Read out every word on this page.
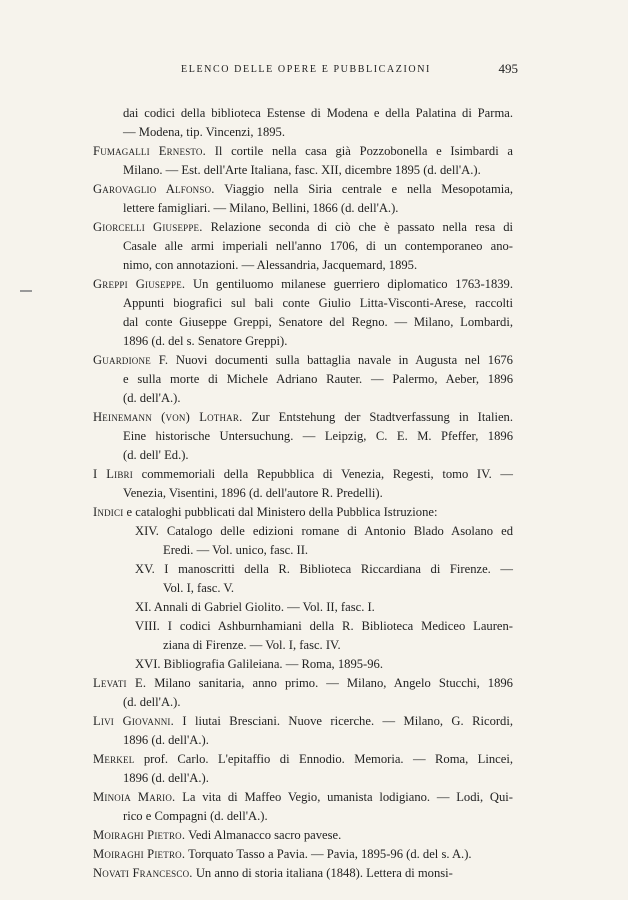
ELENCO DELLE OPERE E PUBBLICAZIONI	495
dai codici della biblioteca Estense di Modena e della Palatina di Parma.
— Modena, tip. Vincenzi, 1895.
Fumagalli Ernesto. Il cortile nella casa già Pozzobonella e Isimbardi a
Milano. — Est. dell'Arte Italiana, fasc. XII, dicembre 1895 (d. dell'A.).
Garovaglio Alfonso. Viaggio nella Siria centrale e nella Mesopotamia,
lettere famigliari. — Milano, Bellini, 1866 (d. dell'A.).
Giorcelli Giuseppe. Relazione seconda di ciò che è passato nella resa di
Casale alle armi imperiali nell'anno 1706, di un contemporaneo ano-
nimo, con annotazioni. — Alessandria, Jacquemard, 1895.
Greppi Giuseppe. Un gentiluomo milanese guerriero diplomatico 1763-1839.
Appunti biografici sul bali conte Giulio Litta-Visconti-Arese, raccolti
dal conte Giuseppe Greppi, Senatore del Regno. — Milano, Lombardi,
1896 (d. del s. Senatore Greppi).
Guardione F. Nuovi documenti sulla battaglia navale in Augusta nel 1676
e sulla morte di Michele Adriano Rauter. — Palermo, Aeber, 1896
(d. dell'A.).
Heinemann (von) Lothar. Zur Entstehung der Stadtverfassung in Italien.
Eine historische Untersuchung. — Leipzig, C. E. M. Pfeffer, 1896
(d. dell' Ed.).
I Libri commemoriali della Repubblica di Venezia, Regesti, tomo IV. —
Venezia, Visentini, 1896 (d. dell'autore R. Predelli).
Indici e cataloghi pubblicati dal Ministero della Pubblica Istruzione:
XIV. Catalogo delle edizioni romane di Antonio Blado Asolano ed
Eredi. — Vol. unico, fasc. II.
XV. I manoscritti della R. Biblioteca Riccardiana di Firenze. —
Vol. I, fasc. V.
XI. Annali di Gabriel Giolito. — Vol. II, fasc. I.
VIII. I codici Ashburnhamiani della R. Biblioteca Mediceo Lauren-
ziana di Firenze. — Vol. I, fasc. IV.
XVI. Bibliografia Galileiana. — Roma, 1895-96.
Levati E. Milano sanitaria, anno primo. — Milano, Angelo Stucchi, 1896
(d. dell'A.).
Livi Giovanni. I liutai Bresciani. Nuove ricerche. — Milano, G. Ricordi,
1896 (d. dell'A.).
Merkel prof. Carlo. L'epitaffio di Ennodio. Memoria. — Roma, Lincei,
1896 (d. dell'A.).
Minoia Mario. La vita di Maffeo Vegio, umanista lodigiano. — Lodi, Qui-
rico e Compagni (d. dell'A.).
Moiraghi Pietro. Vedi Almanacco sacro pavese.
Moiraghi Pietro. Torquato Tasso a Pavia. — Pavia, 1895-96 (d. del s. A.).
Novati Francesco. Un anno di storia italiana (1848). Lettera di monsi-
